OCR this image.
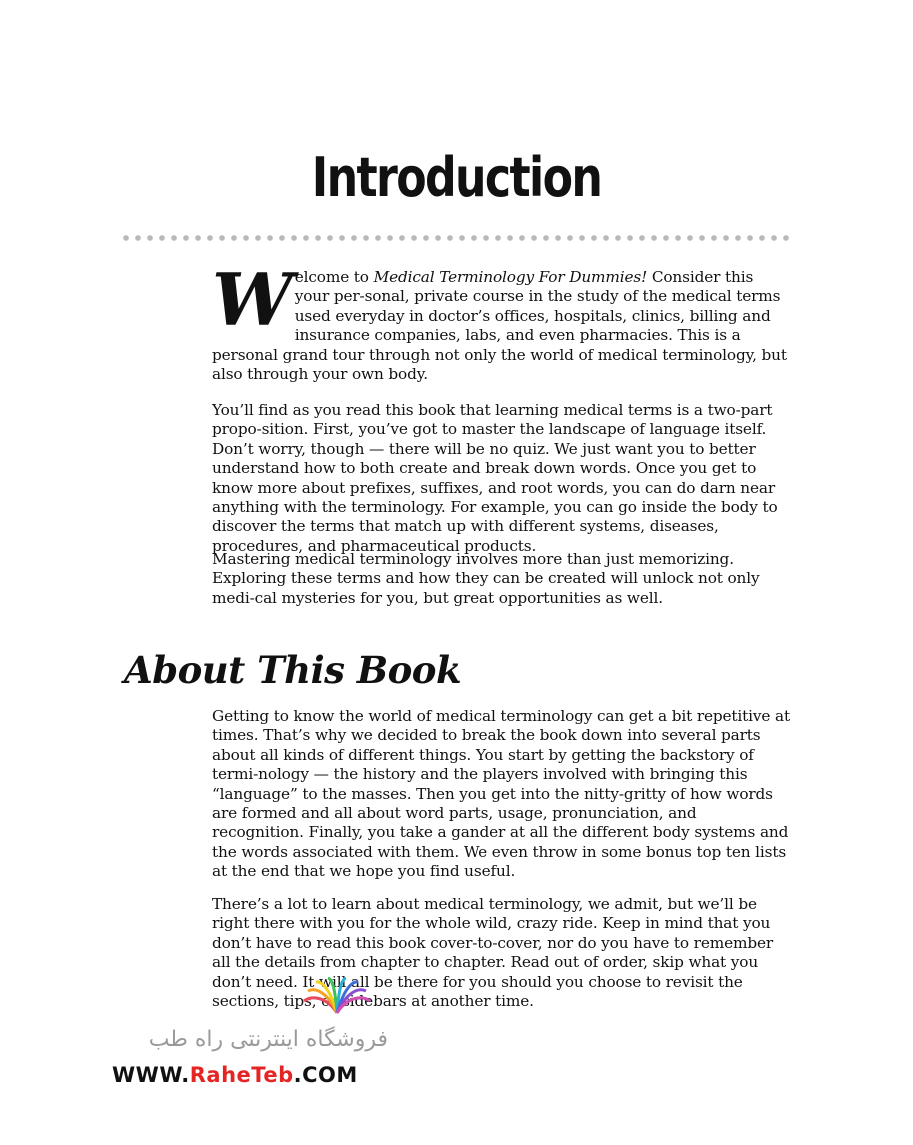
Introduction

Welcome to Medical Terminology For Dummies! Consider this your per-sonal, private course in the study of the medical terms used everyday in doctor’s offices, hospitals, clinics, billing and insurance companies, labs, and even pharmacies. This is a personal grand tour through not only the world of medical terminology, but also through your own body.

You’ll find as you read this book that learning medical terms is a two-part propo-sition. First, you’ve got to master the landscape of language itself. Don’t worry, though — there will be no quiz. We just want you to better understand how to both create and break down words. Once you get to know more about prefixes, suffixes, and root words, you can do darn near anything with the terminology. For example, you can go inside the body to discover the terms that match up with different systems, diseases, procedures, and pharmaceutical products.

Mastering medical terminology involves more than just memorizing. Exploring these terms and how they can be created will unlock not only medi-cal mysteries for you, but great opportunities as well.

About This Book

Getting to know the world of medical terminology can get a bit repetitive at times. That’s why we decided to break the book down into several parts about all kinds of different things. You start by getting the backstory of termi-nology — the history and the players involved with bringing this “language” to the masses. Then you get into the nitty-gritty of how words are formed and all about word parts, usage, pronunciation, and recognition. Finally, you take a gander at all the different body systems and the words associated with them. We even throw in some bonus top ten lists at the end that we hope you find useful.

There’s a lot to learn about medical terminology, we admit, but we’ll be right there with you for the whole wild, crazy ride. Keep in mind that you don’t have to read this book cover-to-cover, nor do you have to remember all the details from chapter to chapter. Read out of order, skip what you don’t need. It will all be there for you should you choose to revisit the sections, tips, or sidebars at another time.

فروشگاه اینترنتی راه طب
WWW.RaheTeb.COM
